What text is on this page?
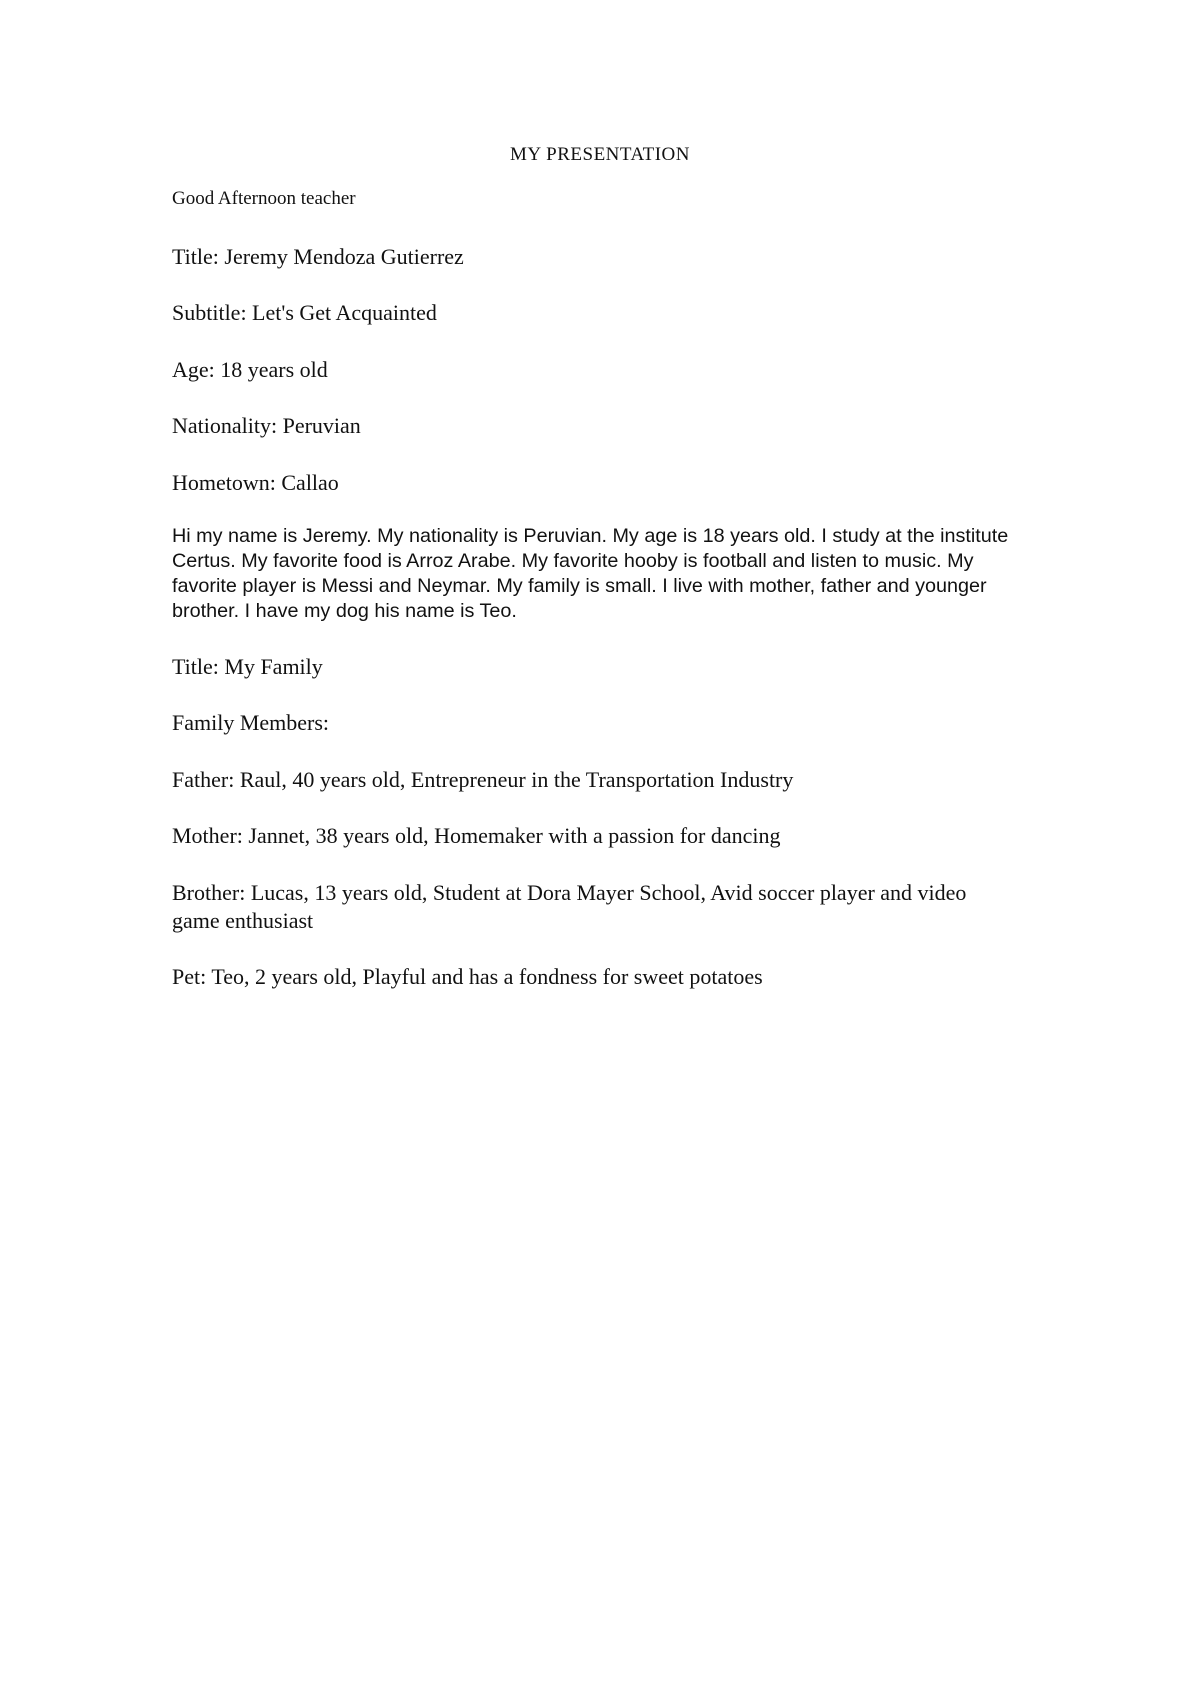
MY PRESENTATION
Good Afternoon teacher
Title: Jeremy Mendoza Gutierrez
Subtitle: Let's Get Acquainted
Age: 18 years old
Nationality: Peruvian
Hometown: Callao
Hi my name is Jeremy. My nationality is Peruvian. My age is 18 years old. I study at the institute Certus. My favorite food is Arroz Arabe. My favorite hooby is football and listen to music. My favorite player is Messi and Neymar. My family is small. I live with mother, father and younger brother. I have my dog his name is Teo.
Title: My Family
Family Members:
Father: Raul, 40 years old, Entrepreneur in the Transportation Industry
Mother: Jannet, 38 years old, Homemaker with a passion for dancing
Brother: Lucas, 13 years old, Student at Dora Mayer School, Avid soccer player and video game enthusiast
Pet: Teo, 2 years old, Playful and has a fondness for sweet potatoes
